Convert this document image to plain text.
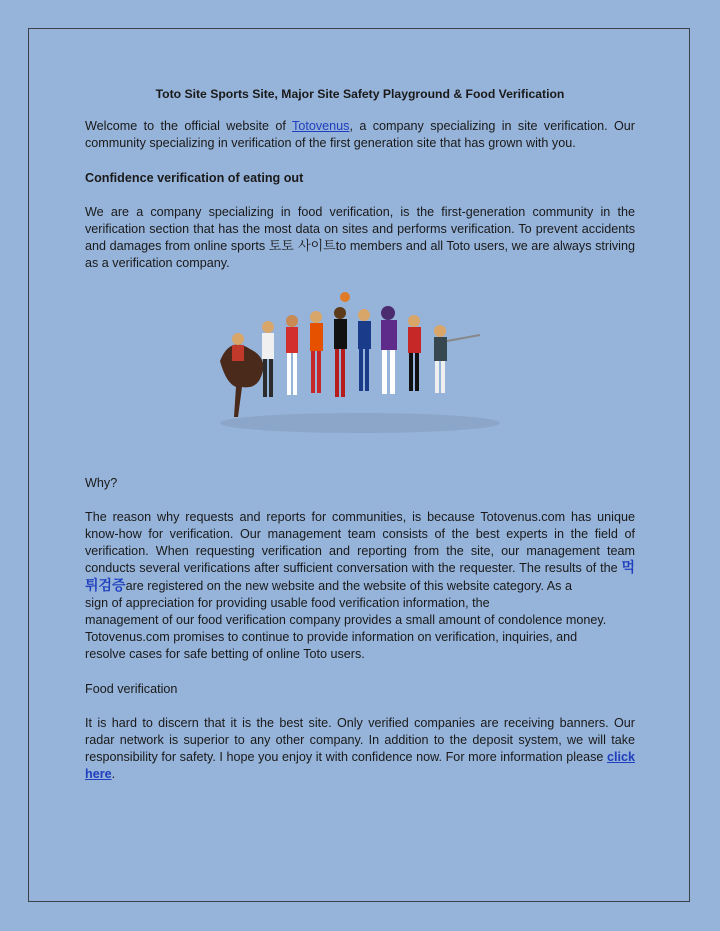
Toto Site Sports Site, Major Site Safety Playground & Food Verification

Welcome to the official website of Totovenus, a company specializing in site verification. Our community specializing in verification of the first generation site that has grown with you.

Confidence verification of eating out

We are a company specializing in food verification, is the first-generation community in the verification section that has the most data on sites and performs verification. To prevent accidents and damages from online sports 토토 사이트to members and all Toto users, we are always striving as a verification company.

Why?

The reason why requests and reports for communities, is because Totovenus.com has unique know-how for verification. Our management team consists of the best experts in the field of verification. When requesting verification and reporting from the site, our management team conducts several verifications after sufficient conversation with the requester. The results of the 먹튀검증are registered on the new website and the website of this website category. As a
sign of appreciation for providing usable food verification information, the
management of our food verification company provides a small amount of condolence money.
Totovenus.com promises to continue to provide information on verification, inquiries, and
resolve cases for safe betting of online Toto users.

Food verification

It is hard to discern that it is the best site. Only verified companies are receiving banners. Our radar network is superior to any other company. In addition to the deposit system, we will take responsibility for safety. I hope you enjoy it with confidence now. For more information please click here.
